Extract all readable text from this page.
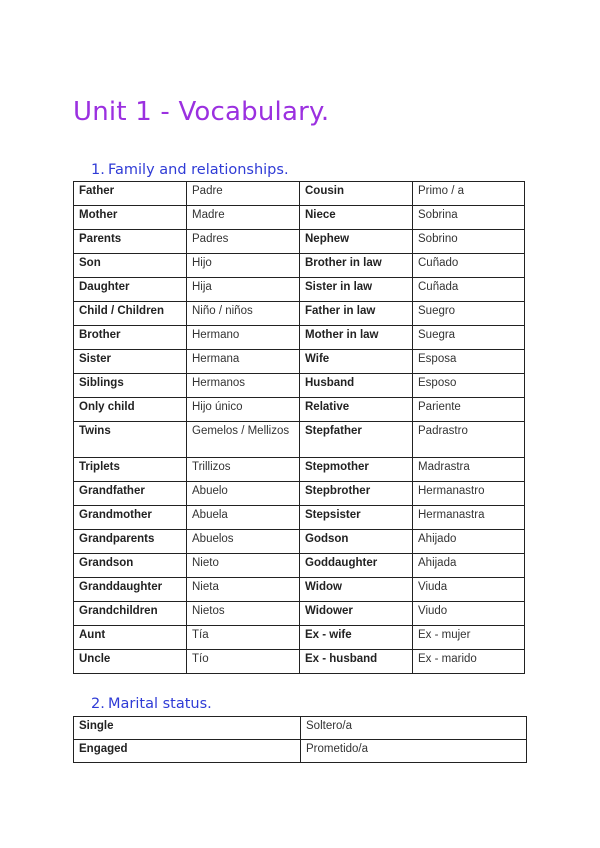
Unit 1 - Vocabulary.
1. Family and relationships.
Father	Padre	Cousin	Primo / a
Mother	Madre	Niece	Sobrina
Parents	Padres	Nephew	Sobrino
Son	Hijo	Brother in law	Cuñado
Daughter	Hija	Sister in law	Cuñada
Child / Children	Niño / niños	Father in law	Suegro
Brother	Hermano	Mother in law	Suegra
Sister	Hermana	Wife	Esposa
Siblings	Hermanos	Husband	Esposo
Only child	Hijo único	Relative	Pariente
Twins	Gemelos / Mellizos	Stepfather	Padrastro
Triplets	Trillizos	Stepmother	Madrastra
Grandfather	Abuelo	Stepbrother	Hermanastro
Grandmother	Abuela	Stepsister	Hermanastra
Grandparents	Abuelos	Godson	Ahijado
Grandson	Nieto	Goddaughter	Ahijada
Granddaughter	Nieta	Widow	Viuda
Grandchildren	Nietos	Widower	Viudo
Aunt	Tía	Ex - wife	Ex - mujer
Uncle	Tío	Ex - husband	Ex - marido
2. Marital status.
Single	Soltero/a
Engaged	Prometido/a
